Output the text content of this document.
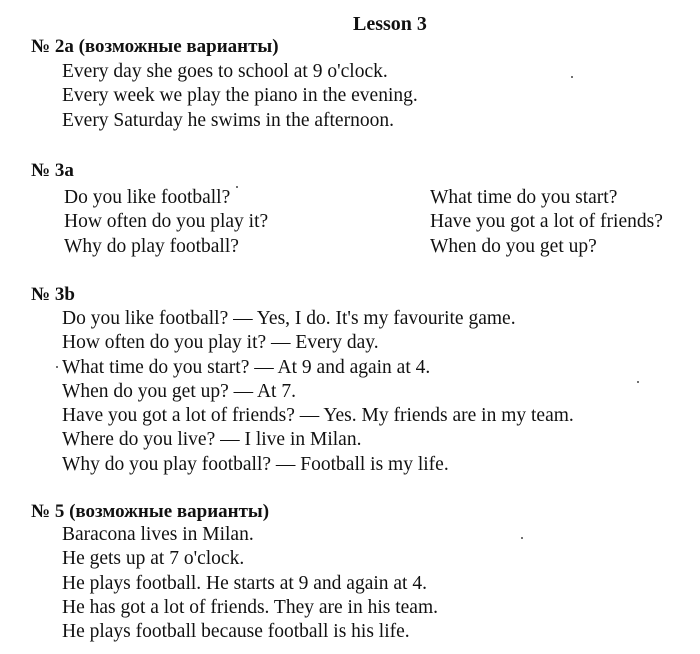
Lesson 3
№ 2a (возможные варианты)
Every day she goes to school at 9 o'clock.
Every week we play the piano in the evening.
Every Saturday he swims in the afternoon.
№ 3a
Do you like football?
How often do you play it?
Why do play football?
What time do you start?
Have you got a lot of friends?
When do you get up?
№ 3b
Do you like football? — Yes, I do. It's my favourite game.
How often do you play it? — Every day.
What time do you start? — At 9 and again at 4.
When do you get up? — At 7.
Have you got a lot of friends? — Yes. My friends are in my team.
Where do you live? — I live in Milan.
Why do you play football? — Football is my life.
№ 5 (возможные варианты)
Baracona lives in Milan.
He gets up at 7 o'clock.
He plays football. He starts at 9 and again at 4.
He has got a lot of friends. They are in his team.
He plays football because football is his life.
